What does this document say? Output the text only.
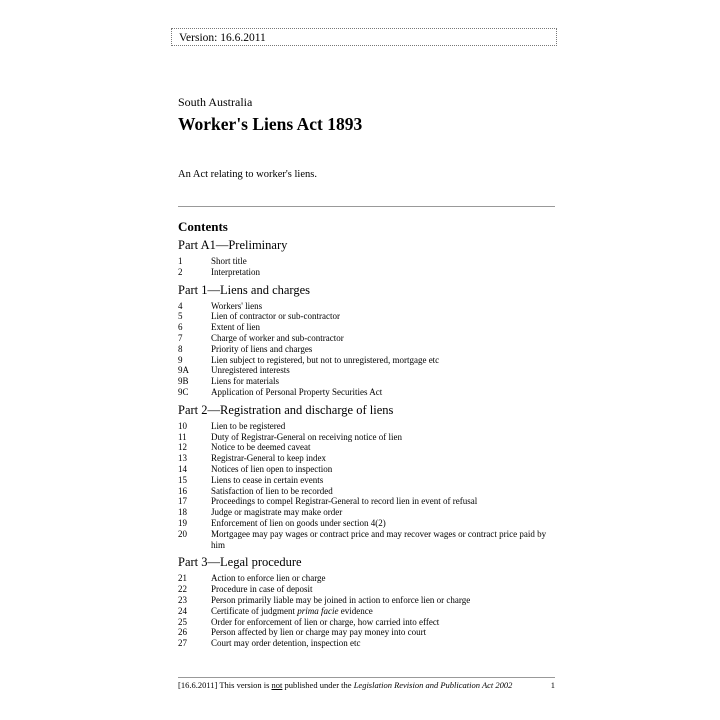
Version: 16.6.2011
South Australia
Worker's Liens Act 1893
An Act relating to worker's liens.
Contents
Part A1—Preliminary
1	Short title
2	Interpretation
Part 1—Liens and charges
4	Workers' liens
5	Lien of contractor or sub-contractor
6	Extent of lien
7	Charge of worker and sub-contractor
8	Priority of liens and charges
9	Lien subject to registered, but not to unregistered, mortgage etc
9A	Unregistered interests
9B	Liens for materials
9C	Application of Personal Property Securities Act
Part 2—Registration and discharge of liens
10	Lien to be registered
11	Duty of Registrar-General on receiving notice of lien
12	Notice to be deemed caveat
13	Registrar-General to keep index
14	Notices of lien open to inspection
15	Liens to cease in certain events
16	Satisfaction of lien to be recorded
17	Proceedings to compel Registrar-General to record lien in event of refusal
18	Judge or magistrate may make order
19	Enforcement of lien on goods under section 4(2)
20	Mortgagee may pay wages or contract price and may recover wages or contract price paid by him
Part 3—Legal procedure
21	Action to enforce lien or charge
22	Procedure in case of deposit
23	Person primarily liable may be joined in action to enforce lien or charge
24	Certificate of judgment prima facie evidence
25	Order for enforcement of lien or charge, how carried into effect
26	Person affected by lien or charge may pay money into court
27	Court may order detention, inspection etc
[16.6.2011] This version is not published under the Legislation Revision and Publication Act 2002	1
